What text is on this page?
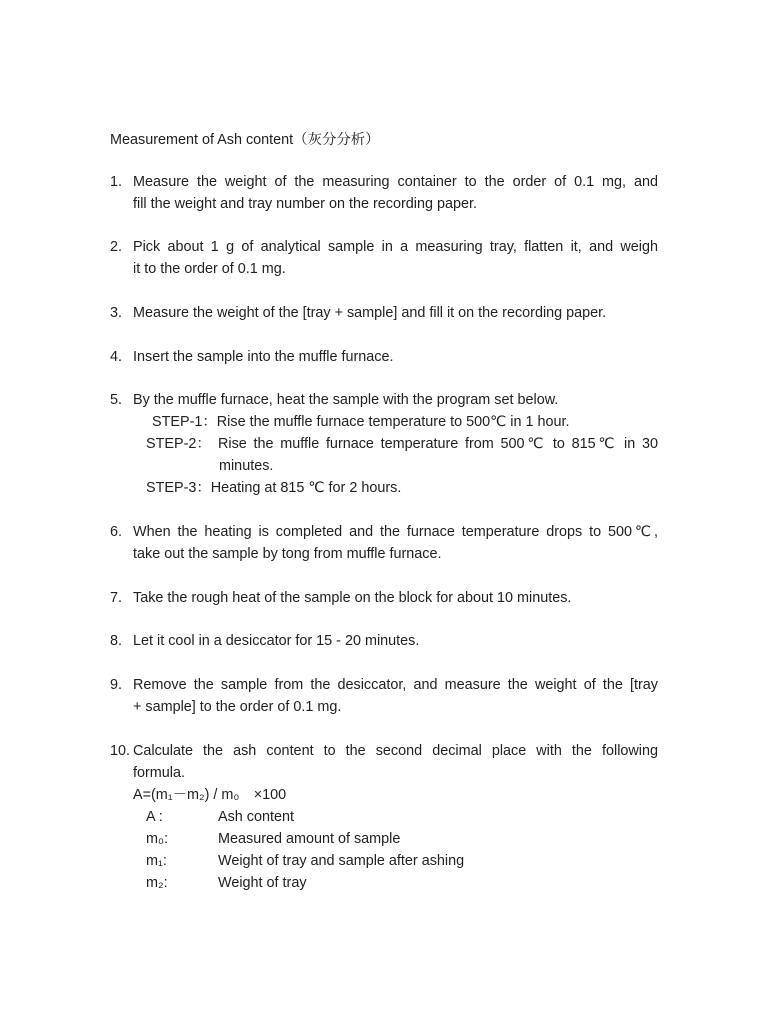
Measurement of Ash content（灰分分析）
1. Measure the weight of the measuring container to the order of 0.1 mg, and
fill the weight and tray number on the recording paper.
2. Pick about 1 g of analytical sample in a measuring tray, flatten it, and weigh
it to the order of 0.1 mg.
3. Measure the weight of the [tray + sample] and fill it on the recording paper.
4. Insert the sample into the muffle furnace.
5. By the muffle furnace, heat the sample with the program set below.
STEP-1：Rise the muffle furnace temperature to 500℃ in 1 hour.
STEP-2： Rise the muffle furnace temperature from 500℃ to 815℃ in 30
minutes.
STEP-3：Heating at 815 ℃ for 2 hours.
6. When the heating is completed and the furnace temperature drops to 500℃,
take out the sample by tong from muffle furnace.
7. Take the rough heat of the sample on the block for about 10 minutes.
8. Let it cool in a desiccator for 15 - 20 minutes.
9. Remove the sample from the desiccator, and measure the weight of the [tray
+ sample] to the order of 0.1 mg.
10. Calculate the ash content to the second decimal place with the following
formula.
A=(m₁－m₂) / m₀　×100
A :	Ash content
m₀:	Measured amount of sample
m₁:	Weight of tray and sample after ashing
m₂:	Weight of tray
